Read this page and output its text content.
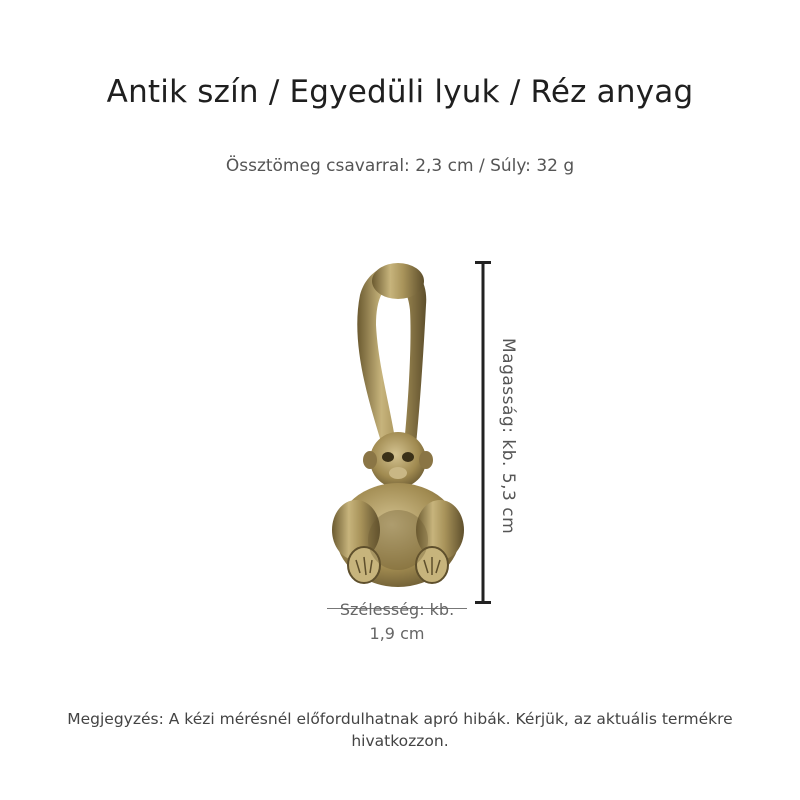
Antik szín / Egyedüli lyuk / Réz anyag
Össztömeg csavarral: 2,3 cm / Súly: 32 g
Magasság: kb. 5,3 cm
Szélesség: kb.
1,9 cm
Megjegyzés: A kézi mérésnél előfordulhatnak apró hibák. Kérjük, az aktuális termékre hivatkozzon.
